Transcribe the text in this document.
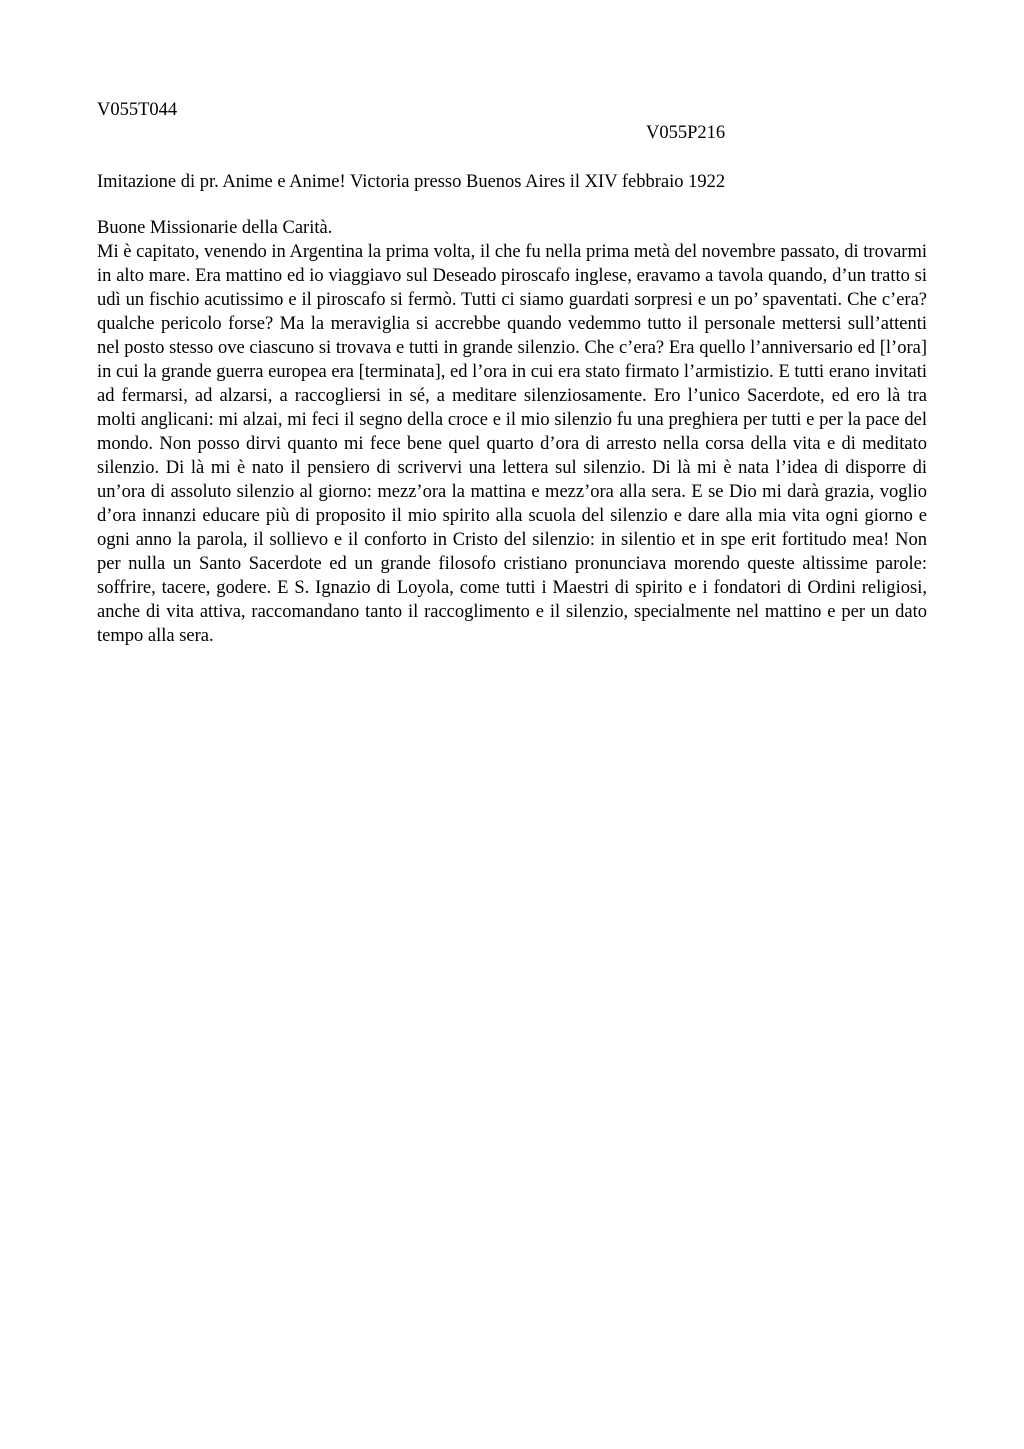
V055T044
V055P216
Imitazione di pr. Anime e Anime! Victoria presso Buenos Aires il XIV febbraio 1922

Buone Missionarie della Carità.

Mi è capitato, venendo in Argentina la prima volta, il che fu nella prima metà del novembre passato, di trovarmi in alto mare. Era mattino ed io viaggiavo sul Deseado piroscafo inglese, eravamo a tavola quando, d’un tratto si udì un fischio acutissimo e il piroscafo si fermò. Tutti ci siamo guardati sorpresi e un po’ spaventati. Che c’era? qualche pericolo forse? Ma la meraviglia si accrebbe quando vedemmo tutto il personale mettersi sull’attenti nel posto stesso ove ciascuno si trovava e tutti in grande silenzio. Che c’era? Era quello l’anniversario ed [l’ora] in cui la grande guerra europea era [terminata], ed l’ora in cui era stato firmato l’armistizio. E tutti erano invitati ad fermarsi, ad alzarsi, a raccogliersi in sé, a meditare silenziosamente. Ero l’unico Sacerdote, ed ero là tra molti anglicani: mi alzai, mi feci il segno della croce e il mio silenzio fu una preghiera per tutti e per la pace del mondo. Non posso dirvi quanto mi fece bene quel quarto d’ora di arresto nella corsa della vita e di meditato silenzio. Di là mi è nato il pensiero di scrivervi una lettera sul silenzio. Di là mi è nata l’idea di disporre di un’ora di assoluto silenzio al giorno: mezz’ora la mattina e mezz’ora alla sera. E se Dio mi darà grazia, voglio d’ora innanzi educare più di proposito il mio spirito alla scuola del silenzio e dare alla mia vita ogni giorno e ogni anno la parola, il sollievo e il conforto in Cristo del silenzio: in silentio et in spe erit fortitudo mea! Non per nulla un Santo Sacerdote ed un grande filosofo cristiano pronunciava morendo queste altissime parole: soffrire, tacere, godere. E S. Ignazio di Loyola, come tutti i Maestri di spirito e i fondatori di Ordini religiosi, anche di vita attiva, raccomandano tanto il raccoglimento e il silenzio, specialmente nel mattino e per un dato tempo alla sera.
